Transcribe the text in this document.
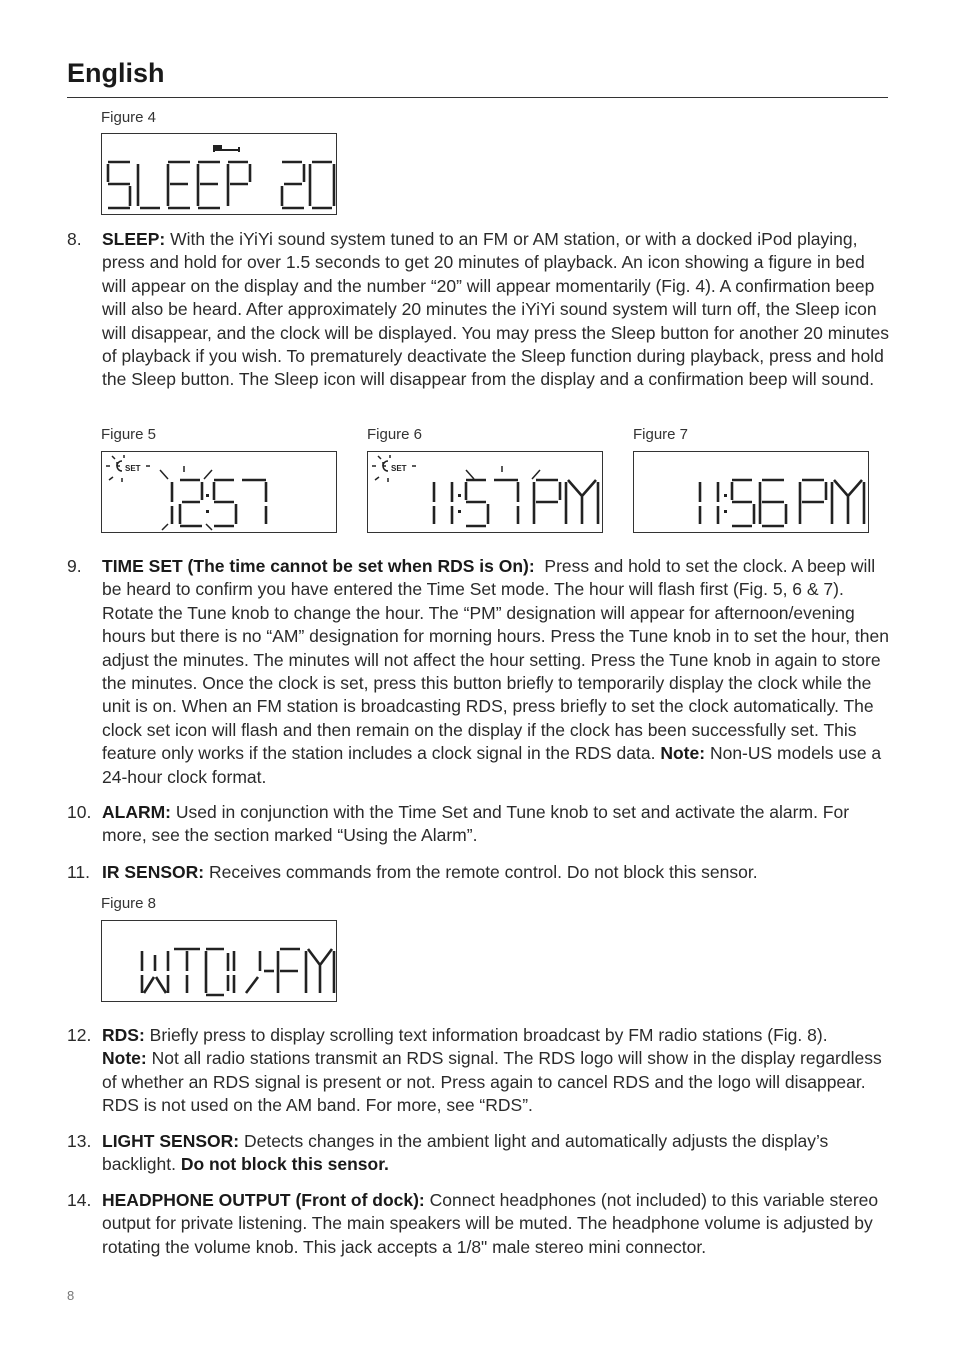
English
Figure 4
8. SLEEP: With the iYiYi sound system tuned to an FM or AM station, or with a docked iPod playing, press and hold for over 1.5 seconds to get 20 minutes of playback. An icon showing a figure in bed will appear on the display and the number “20” will appear momentarily (Fig. 4). A confirmation beep will also be heard. After approximately 20 minutes the iYiYi sound system will turn off, the Sleep icon will disappear, and the clock will be displayed. You may press the Sleep button for another 20 minutes of playback if you wish. To prematurely deactivate the Sleep function during playback, press and hold the Sleep button. The Sleep icon will disappear from the display and a confirmation beep will sound.
Figure 5	Figure 6	Figure 7
SET	SET
9. TIME SET (The time cannot be set when RDS is On): Press and hold to set the clock. A beep will be heard to confirm you have entered the Time Set mode. The hour will flash first (Fig. 5, 6 & 7). Rotate the Tune knob to change the hour. The “PM” designation will appear for afternoon/evening hours but there is no “AM” designation for morning hours. Press the Tune knob in to set the hour, then adjust the minutes. The minutes will not affect the hour setting. Press the Tune knob in again to store the minutes. Once the clock is set, press this button briefly to temporarily display the clock while the unit is on. When an FM station is broadcasting RDS, press briefly to set the clock automatically. The clock set icon will flash and then remain on the display if the clock has been successfully set. This feature only works if the station includes a clock signal in the RDS data. Note: Non-US models use a 24-hour clock format.
10. ALARM: Used in conjunction with the Time Set and Tune knob to set and activate the alarm. For more, see the section marked “Using the Alarm”.
11. IR SENSOR: Receives commands from the remote control. Do not block this sensor.
Figure 8
12. RDS: Briefly press to display scrolling text information broadcast by FM radio stations (Fig. 8).
Note: Not all radio stations transmit an RDS signal. The RDS logo will show in the display regardless of whether an RDS signal is present or not. Press again to cancel RDS and the logo will disappear. RDS is not used on the AM band. For more, see “RDS”.
13. LIGHT SENSOR: Detects changes in the ambient light and automatically adjusts the display’s backlight. Do not block this sensor.
14. HEADPHONE OUTPUT (Front of dock): Connect headphones (not included) to this variable stereo output for private listening. The main speakers will be muted. The headphone volume is adjusted by rotating the volume knob. This jack accepts a 1/8" male stereo mini connector.
8
